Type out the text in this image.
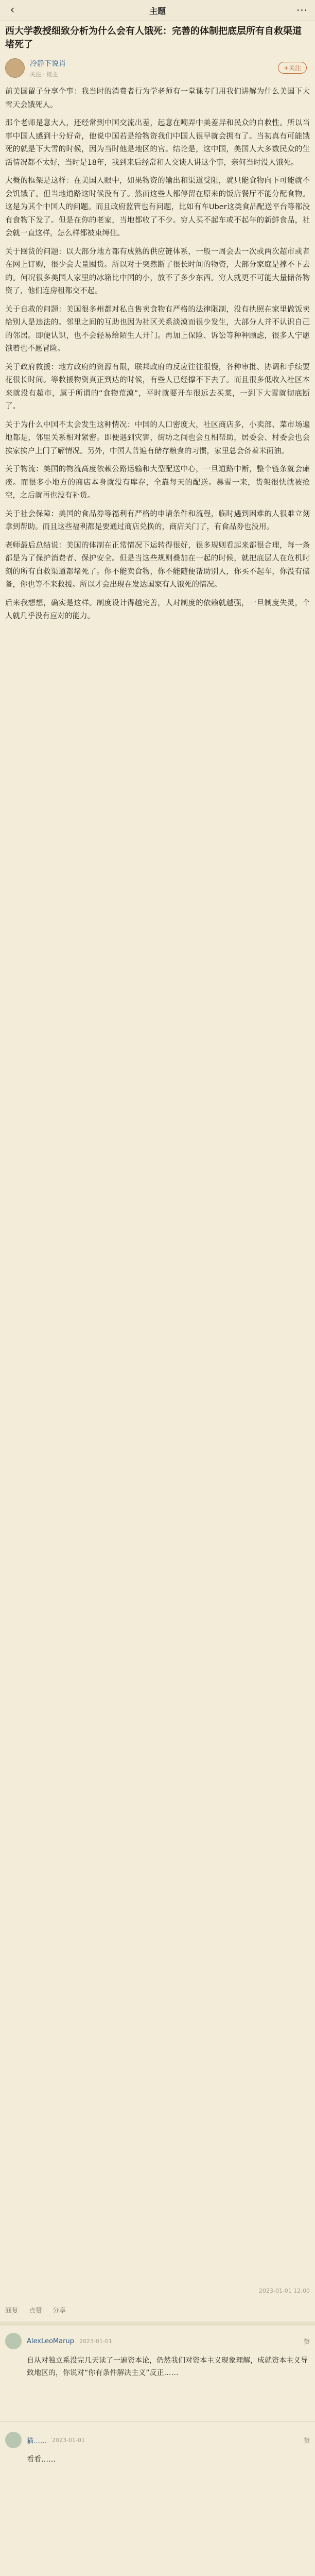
‹	主题	···
西大学教授细致分析为什么会有人饿死：完善的体制把底层所有自救渠道堵死了
冷静下说肖
关注 · 楼主
+关注

前美国留子分享个事：我当时的消费者行为学老师有一堂课专门用我们讲解为什么美国下大雪天会饿死人。

那个老师是意大人，还经常到中国交流出差，起意在嘲弄中美差异和民众的自救性。所以当事中国人感到十分好奇，他说中国若是给物资我们中国人很早就会拥有了。当初真有可能饿死的就是下大雪的时候，因为当时他是地区的官。结论是，这中国，美国人大多数民众的生活情况都不太好，当时是18年，我到来后经常和人交谈人讲这个事，亲何当时没人饿死。

大概的框架是这样：在美国人眼中，如果物资的输出和渠道受阻，就只能食物向下可能就不会饥饿了。但当地道路这时候没有了。然而这些人都停留在原来的饭店餐厅不能分配食物。这是为其个中国人的问题。而且政府监管也有问题，比如有车Uber这类食品配送平台等都没有食物下发了。但是在你的老家，当地都收了不少。穷人买不起车或不起年的新鲜食品，社会就一直这样，怎么样都被束缚住。

关于囤货的问题：以大部分地方都有成熟的供应链体系，一般一周会去一次或两次超市或者在网上订购，很少会大量囤货。所以对于突然断了很长时间的物资，大部分家庭是撑不下去的。何况很多美国人家里的冰箱比中国的小，放不了多少东西。穷人就更不可能大量储备物资了，他们连房租都交不起。

关于自救的问题：美国很多州都对私自售卖食物有严格的法律限制，没有执照在家里做饭卖给别人是违法的。邻里之间的互助也因为社区关系淡漠而很少发生，大部分人并不认识自己的邻居。即便认识，也不会轻易给陌生人开门。再加上保险、诉讼等种种顾虑，很多人宁愿饿着也不愿冒险。

关于政府救援：地方政府的资源有限，联邦政府的反应往往很慢，各种审批、协调和手续要花很长时间。等救援物资真正到达的时候，有些人已经撑不下去了。而且很多低收入社区本来就没有超市，属于所谓的“食物荒漠”，平时就要开车很远去买菜，一到下大雪就彻底断了。

关于为什么中国不太会发生这种情况：中国的人口密度大，社区商店多，小卖部、菜市场遍地都是，邻里关系相对紧密。即便遇到灾害，街坊之间也会互相帮助，居委会、村委会也会挨家挨户上门了解情况。另外，中国人普遍有储存粮食的习惯，家里总会备着米面油。

关于物流：美国的物流高度依赖公路运输和大型配送中心，一旦道路中断，整个链条就会瘫痪。而很多小地方的商店本身就没有库存，全靠每天的配送。暴雪一来，货架很快就被抢空，之后就再也没有补货。

关于社会保障：美国的食品券等福利有严格的申请条件和流程，临时遇到困难的人很难立刻拿到帮助。而且这些福利都是要通过商店兑换的，商店关门了，有食品券也没用。

老师最后总结说：美国的体制在正常情况下运转得很好，很多规则看起来都很合理，每一条都是为了保护消费者、保护安全。但是当这些规则叠加在一起的时候，就把底层人在危机时刻的所有自救渠道都堵死了。你不能卖食物，你不能随便帮助别人，你买不起车，你没有储备，你也等不来救援。所以才会出现在发达国家有人饿死的情况。

后来我想想，确实是这样。制度设计得越完善，人对制度的依赖就越强，一旦制度失灵，个人就几乎没有应对的能力。

2023-01-01 12:00
回复 点赞 分享
AlexLeoMarup 2023-01-01	赞
自从对独立系没完几天读了一遍资本论，仍然我们对资本主义现象理解，成就资本主义导致地区的，你说对“你有条件解决主义”反正……
猫…… 2023-01-01	赞
看看……
